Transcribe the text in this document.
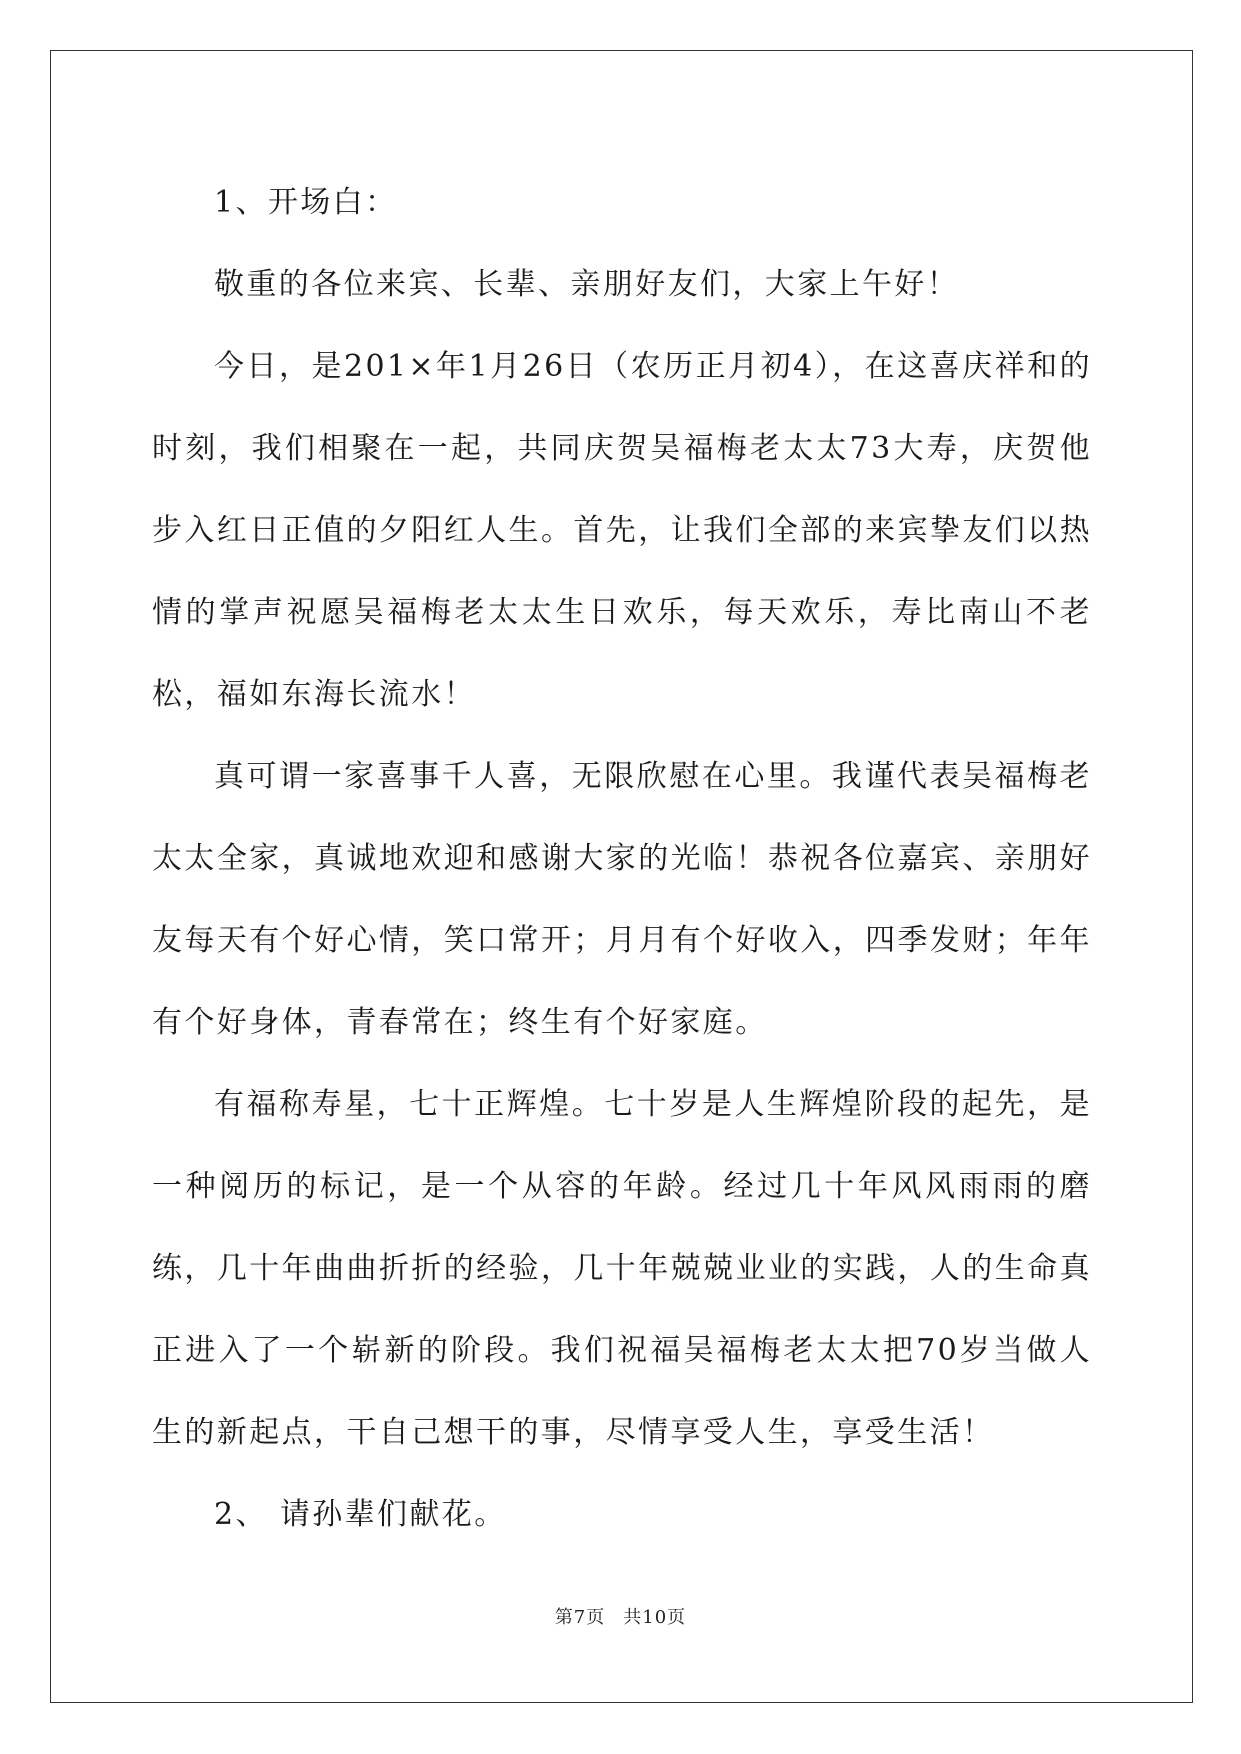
1、开场白：

敬重的各位来宾、长辈、亲朋好友们，大家上午好！

今日，是201×年1月26日（农历正月初4），在这喜庆祥和的时刻，我们相聚在一起，共同庆贺吴福梅老太太73大寿，庆贺他步入红日正值的夕阳红人生。首先，让我们全部的来宾挚友们以热情的掌声祝愿吴福梅老太太生日欢乐，每天欢乐，寿比南山不老松，福如东海长流水！

真可谓一家喜事千人喜，无限欣慰在心里。我谨代表吴福梅老太太全家，真诚地欢迎和感谢大家的光临！恭祝各位嘉宾、亲朋好友每天有个好心情，笑口常开；月月有个好收入，四季发财；年年有个好身体，青春常在；终生有个好家庭。

有福称寿星，七十正辉煌。七十岁是人生辉煌阶段的起先，是一种阅历的标记，是一个从容的年龄。经过几十年风风雨雨的磨练，几十年曲曲折折的经验，几十年兢兢业业的实践，人的生命真正进入了一个崭新的阶段。我们祝福吴福梅老太太把70岁当做人生的新起点，干自己想干的事，尽情享受人生，享受生活！

2、 请孙辈们献花。

第7页 共10页
